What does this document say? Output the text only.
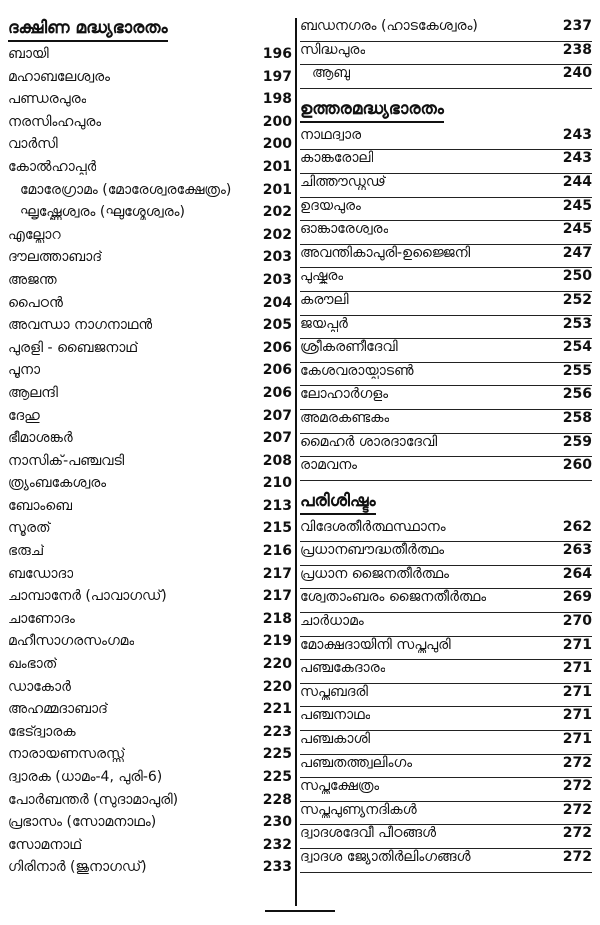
ദക്ഷിണ മദ്ധ്യഭാരതം
ബായി	196
മഹാബലേശ്വരം	197
പണ്ഡരപുരം	198
നരസിംഹപുരം	200
വാർസി	200
കോൽഹാപ്പൂർ	201
മോരേഗ്രാമം (മോരേശ്വരക്ഷേത്രം) 201
ഘൃഷ്ണേശ്വരം (ഘുശ്മേശ്വരം)	202
എല്ലോറ	202
ദൗലത്താബാദ്	203
അജന്ത	203
പൈഠൻ	204
അവന്ധാ നാഗനാഥൻ	205
പുരളി - ബൈജനാഥ്	206
പൂനാ	206
ആലന്ദി	206
ദേഹു	207
ഭീമാശങ്കർ	207
നാസിക്-പഞ്ചവടി	208
ത്ര്യംബകേശ്വരം	210
ബോംബെ	213
സൂരത്	215
ഭരുച്	216
ബഡോദാ	217
ചാമ്പാനേർ (പാവാഗഡ്)	217
ചാണോദം	218
മഹീസാഗരസംഗമം	219
ഖംഭാത്	220
ഡാകോർ	220
അഹമ്മദാബാദ്	221
ഭേട്ദ്വാരക	223
നാരായണസരസ്സ്	225
ദ്വാരക (ധാമം-4, പുരി-6)	225
പോർബന്തർ (സുദാമാപുരി)	228
പ്രഭാസം (സോമനാഥം)	230
സോമനാഥ്	232
ഗിരിനാർ (ജുനാഗഡ്)	233
ബഡനഗരം (ഹാടകേശ്വരം)	237
സിദ്ധപുരം	238
ആബു	240
ഉത്തരമദ്ധ്യഭാരതം
നാഥദ്വാര	243
കാങ്കരോലി	243
ചിത്തൗഡ്ഗഢ്	244
ഉദയപുരം	245
ഓങ്കാരേശ്വരം	245
അവന്തികാപുരി-ഉജ്ജൈനി	247
പുഷ്കരം	250
കരൗലി	252
ജയപ്പൂർ	253
ശ്രീകരണീദേവി	254
കേശവരായ്പാടൺ	255
ലോഹാർഗളം	256
അമരകണ്ടകം	258
മൈഹർ ശാരദാദേവി	259
രാമവനം	260
പരിശിഷ്ടം
വിദേശതീർത്ഥസ്ഥാനം	262
പ്രധാനബൗദ്ധതീർത്ഥം	263
പ്രധാന ജൈനതീർത്ഥം	264
ശ്വേതാംബരം ജൈനതീർത്ഥം	269
ചാർധാമം	270
മോക്ഷദായിനി സപ്തപുരി	271
പഞ്ചകേദാരം	271
സപ്തബദരി	271
പഞ്ചനാഥം	271
പഞ്ചകാശി	271
പഞ്ചതത്ത്വലിംഗം	272
സപ്തക്ഷേത്രം	272
സപ്തപുണ്യനദികൾ	272
ദ്വാദശദേവീ പീഠങ്ങൾ	272
ദ്വാദശ ജ്യോതിർലിംഗങ്ങൾ	272
